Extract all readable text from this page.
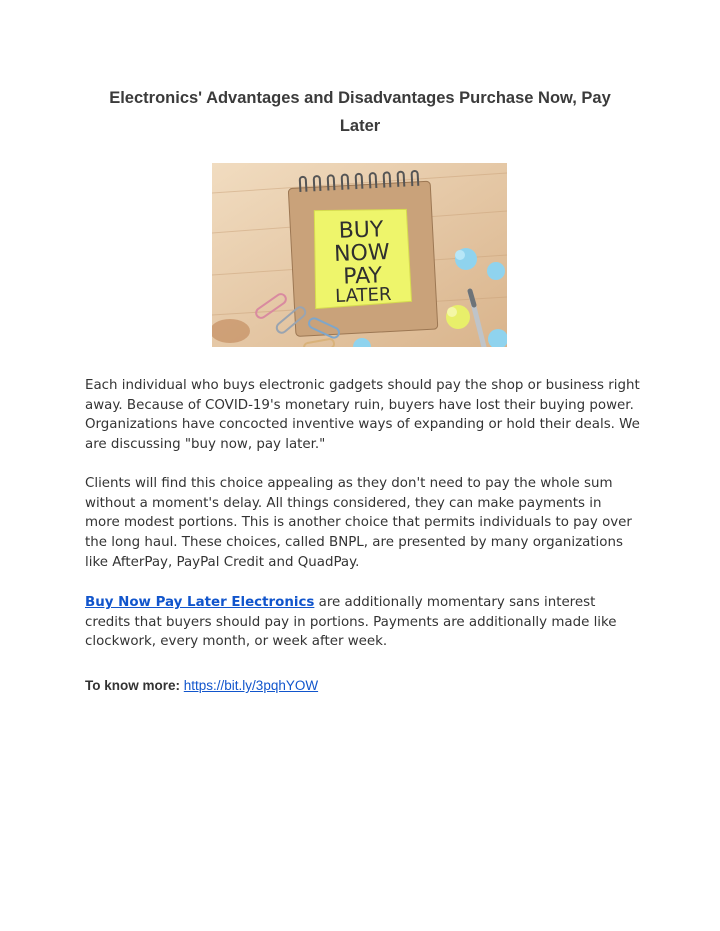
Electronics' Advantages and Disadvantages Purchase Now, Pay
Later
BUY
NOW
PAY
LATER

Each individual who buys electronic gadgets should pay the shop or business right away. Because of COVID-19's monetary ruin, buyers have lost their buying power. Organizations have concocted inventive ways of expanding or hold their deals. We are discussing "buy now, pay later."

Clients will find this choice appealing as they don't need to pay the whole sum without a moment's delay. All things considered, they can make payments in more modest portions. This is another choice that permits individuals to pay over the long haul. These choices, called BNPL, are presented by many organizations like AfterPay, PayPal Credit and QuadPay.

Buy Now Pay Later Electronics are additionally momentary sans interest credits that buyers should pay in portions. Payments are additionally made like clockwork, every month, or week after week.

To know more: https://bit.ly/3pqhYOW
